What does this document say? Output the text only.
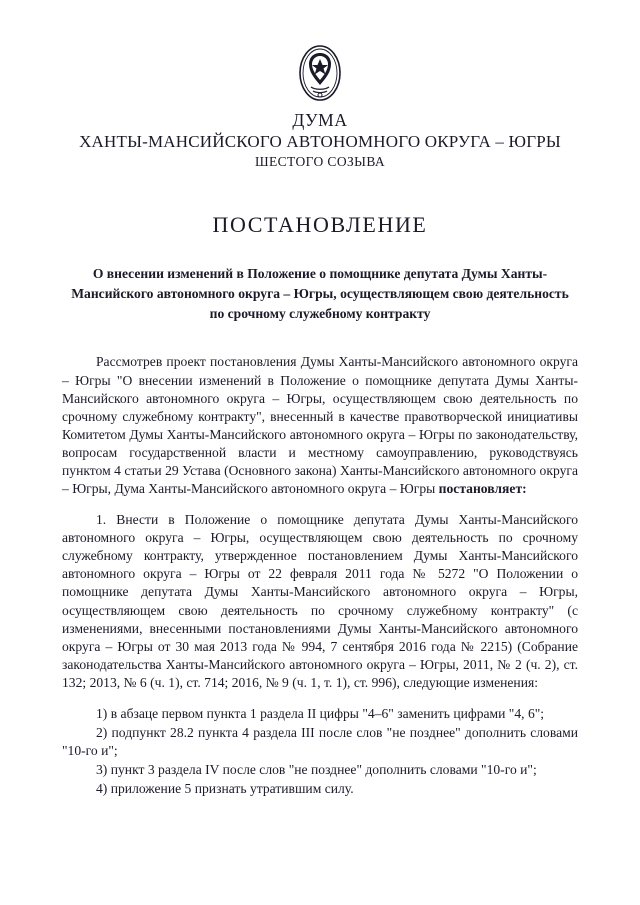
ДУМА
ХАНТЫ-МАНСИЙСКОГО АВТОНОМНОГО ОКРУГА – ЮГРЫ
ШЕСТОГО СОЗЫВА
ПОСТАНОВЛЕНИЕ
О внесении изменений в Положение о помощнике депутата Думы Ханты-Мансийского автономного округа – Югры, осуществляющем свою деятельность по срочному служебному контракту

Рассмотрев проект постановления Думы Ханты-Мансийского автономного округа – Югры "О внесении изменений в Положение о помощнике депутата Думы Ханты-Мансийского автономного округа – Югры, осуществляющем свою деятельность по срочному служебному контракту", внесенный в качестве правотворческой инициативы Комитетом Думы Ханты-Мансийского автономного округа – Югры по законодательству, вопросам государственной власти и местному самоуправлению, руководствуясь пунктом 4 статьи 29 Устава (Основного закона) Ханты-Мансийского автономного округа – Югры, Дума Ханты-Мансийского автономного округа – Югры постановляет:

1. Внести в Положение о помощнике депутата Думы Ханты-Мансийского автономного округа – Югры, осуществляющем свою деятельность по срочному служебному контракту, утвержденное постановлением Думы Ханты-Мансийского автономного округа – Югры от 22 февраля 2011 года № 5272 "О Положении о помощнике депутата Думы Ханты-Мансийского автономного округа – Югры, осуществляющем свою деятельность по срочному служебному контракту" (с изменениями, внесенными постановлениями Думы Ханты-Мансийского автономного округа – Югры от 30 мая 2013 года № 994, 7 сентября 2016 года № 2215) (Собрание законодательства Ханты-Мансийского автономного округа – Югры, 2011, № 2 (ч. 2), ст. 132; 2013, № 6 (ч. 1), ст. 714; 2016, № 9 (ч. 1, т. 1), ст. 996), следующие изменения:

1) в абзаце первом пункта 1 раздела II цифры "4–6" заменить цифрами "4, 6";

2) подпункт 28.2 пункта 4 раздела III после слов "не позднее" дополнить словами "10-го и";

3) пункт 3 раздела IV после слов "не позднее" дополнить словами "10-го и";

4) приложение 5 признать утратившим силу.
